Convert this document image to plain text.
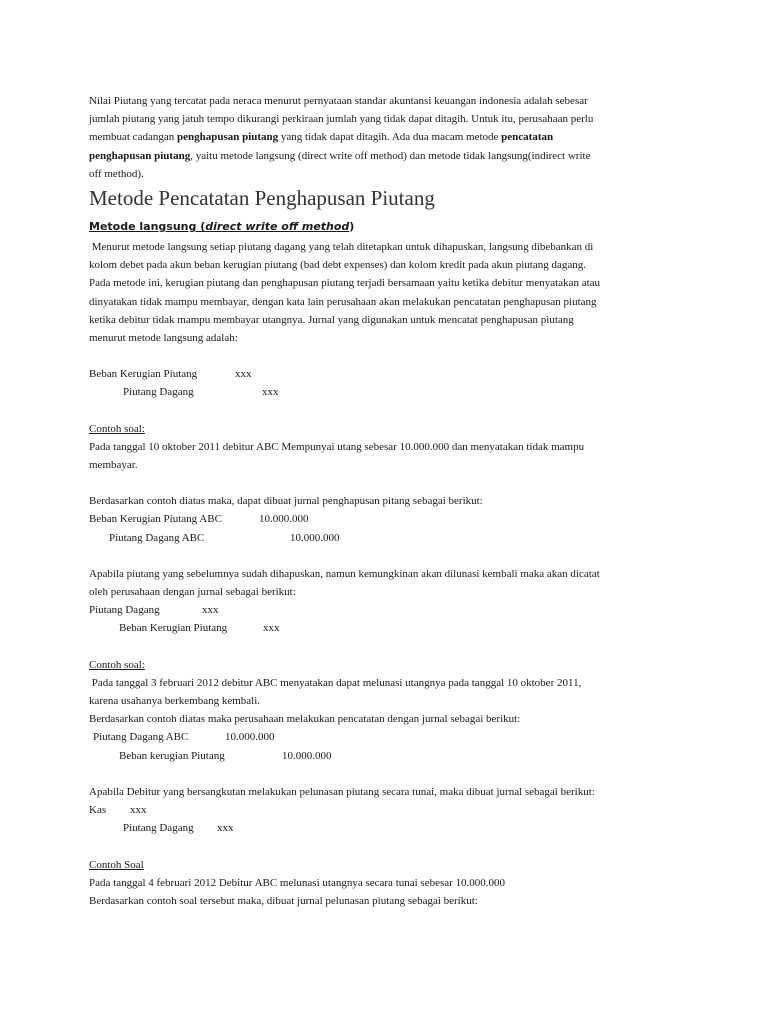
Nilai Piutang yang tercatat pada neraca menurut pernyataan standar akuntansi keuangan indonesia adalah sebesar

jumlah piutang yang jatuh tempo dikurangi perkiraan jumlah yang tidak dapat ditagih. Untuk itu, perusahaan perlu

membuat cadangan penghapusan piutang yang tidak dapat ditagih. Ada dua macam metode pencatatan

penghapusan piutang, yaitu metode langsung (direct write off method) dan metode tidak langsung(indirect write

off method).

Metode Pencatatan Penghapusan Piutang
Metode langsung (direct write off method)

Menurut metode langsung setiap piutang dagang yang telah ditetapkan untuk dihapuskan, langsung dibebankan di

kolom debet pada akun beban kerugian piutang (bad debt expenses) dan kolom kredit pada akun piutang dagang.

Pada metode ini, kerugian piutang dan penghapusan piutang terjadi bersamaan yaitu ketika debitur menyatakan atau

dinyatakan tidak mampu membayar, dengan kata lain perusahaan akan melakukan pencatatan penghapusan piutang

ketika debitur tidak mampu membayar utangnya. Jurnal yang digunakan untuk mencatat penghapusan piutang

menurut metode langsung adalah:

Beban Kerugian Piutang	xxx
Piutang Dagang	xxx

Contoh soal:

Pada tanggal 10 oktober 2011 debitur ABC Mempunyai utang sebesar 10.000.000 dan menyatakan tidak mampu

membayar.

Berdasarkan contoh diatas maka, dapat dibuat jurnal penghapusan pitang sebagai berikut:

Beban Kerugian Piutang ABC	10.000.000
Piutang Dagang ABC	10.000.000

Apabila piutang yang sebelumnya sudah dihapuskan, namun kemungkinan akan dilunasi kembali maka akan dicatat

oleh perusahaan dengan jurnal sebagai berikut:

Piutang Dagang	xxx
Beban Kerugian Piutang	xxx

Contoh soal:

Pada tanggal 3 februari 2012 debitur ABC menyatakan dapat melunasi utangnya pada tanggal 10 oktober 2011,

karena usahanya berkembang kembali.

Berdasarkan contoh diatas maka perusahaan melakukan pencatatan dengan jurnal sebagai berikut:

Piutang Dagang ABC	10.000.000
Beban kerugian Piutang	10.000.000

Apabila Debitur yang bersangkutan melakukan pelunasan piutang secara tunai, maka dibuat jurnal sebagai berikut:

Kas	xxx
Piutang Dagang	xxx

Contoh Soal

Pada tanggal 4 februari 2012 Debitur ABC melunasi utangnya secara tunai sebesar 10.000.000

Berdasarkan contoh soal tersebut maka, dibuat jurnal pelunasan piutang sebagai berikut:
